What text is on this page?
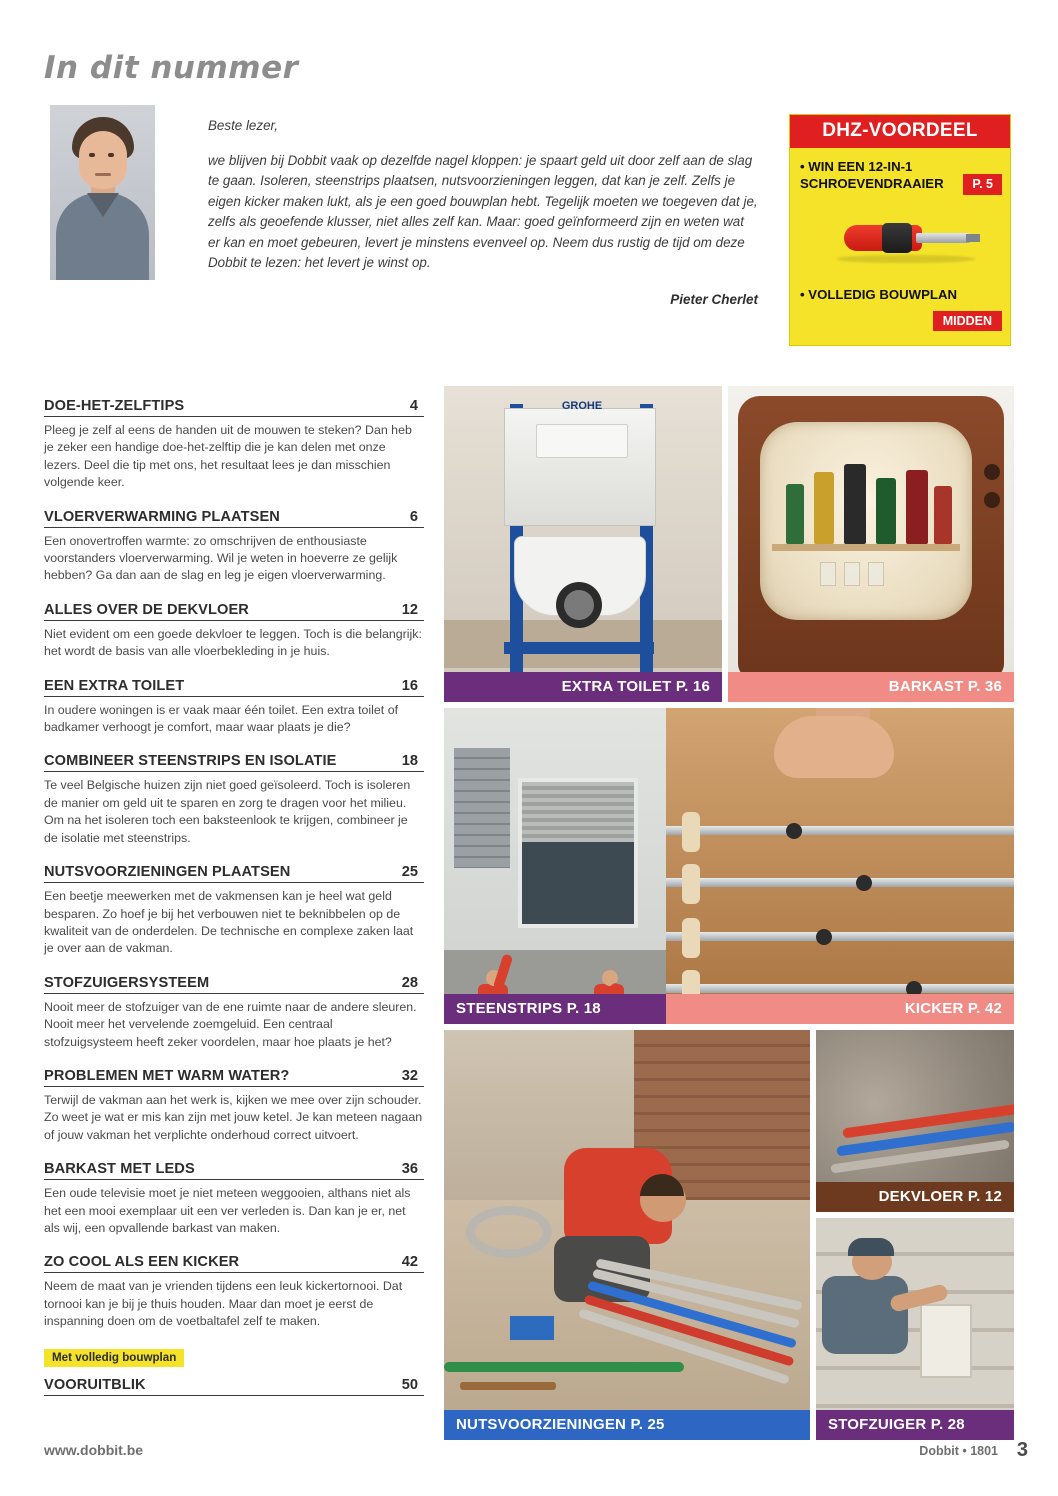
In dit nummer
Beste lezer,

we blijven bij Dobbit vaak op dezelfde nagel kloppen: je spaart geld uit door zelf aan de slag te gaan. Isoleren, steenstrips plaatsen, nutsvoorzieningen leggen, dat kan je zelf. Zelfs je eigen kicker maken lukt, als je een goed bouwplan hebt. Tegelijk moeten we toegeven dat je, zelfs als geoefende klusser, niet alles zelf kan. Maar: goed geïnformeerd zijn en weten wat er kan en moet gebeuren, levert je minstens evenveel op. Neem dus rustig de tijd om deze Dobbit te lezen: het levert je winst op.

Pieter Cherlet
DHZ-VOORDEEL
• WIN EEN 12-IN-1 SCHROEVENDRAAIER	P. 5
• VOLLEDIG BOUWPLAN
MIDDEN
DOE-HET-ZELFTIPS	4
Pleeg je zelf al eens de handen uit de mouwen te steken? Dan heb je zeker een handige doe-het-zelftip die je kan delen met onze lezers. Deel die tip met ons, het resultaat lees je dan misschien volgende keer.
VLOERVERWARMING PLAATSEN	6
Een onovertroffen warmte: zo omschrijven de enthousiaste voorstanders vloerverwarming. Wil je weten in hoeverre ze gelijk hebben? Ga dan aan de slag en leg je eigen vloerverwarming.
ALLES OVER DE DEKVLOER	12
Niet evident om een goede dekvloer te leggen. Toch is die belangrijk: het wordt de basis van alle vloerbekleding in je huis.
EEN EXTRA TOILET	16
In oudere woningen is er vaak maar één toilet. Een extra toilet of badkamer verhoogt je comfort, maar waar plaats je die?
COMBINEER STEENSTRIPS EN ISOLATIE	18
Te veel Belgische huizen zijn niet goed geïsoleerd. Toch is isoleren de manier om geld uit te sparen en zorg te dragen voor het milieu. Om na het isoleren toch een baksteenlook te krijgen, combineer je de isolatie met steenstrips.
NUTSVOORZIENINGEN PLAATSEN	25
Een beetje meewerken met de vakmensen kan je heel wat geld besparen. Zo hoef je bij het verbouwen niet te beknibbelen op de kwaliteit van de onderdelen. De technische en complexe zaken laat je over aan de vakman.
STOFZUIGERSYSTEEM	28
Nooit meer de stofzuiger van de ene ruimte naar de andere sleuren. Nooit meer het vervelende zoemgeluid. Een centraal stofzuigsysteem heeft zeker voordelen, maar hoe plaats je het?
PROBLEMEN MET WARM WATER?	32
Terwijl de vakman aan het werk is, kijken we mee over zijn schouder. Zo weet je wat er mis kan zijn met jouw ketel. Je kan meteen nagaan of jouw vakman het verplichte onderhoud correct uitvoert.
BARKAST MET LEDS	36
Een oude televisie moet je niet meteen weggooien, althans niet als het een mooi exemplaar uit een ver verleden is. Dan kan je er, net als wij, een opvallende barkast van maken.
ZO COOL ALS EEN KICKER	42
Neem de maat van je vrienden tijdens een leuk kickertornooi. Dat tornooi kan je bij je thuis houden. Maar dan moet je eerst de inspanning doen om de voetbaltafel zelf te maken.
Met volledig bouwplan
VOORUITBLIK	50
GROHE
EXTRA TOILET P. 16	BARKAST P. 36
STEENSTRIPS P. 18	KICKER P. 42
NUTSVOORZIENINGEN P. 25
DEKVLOER P. 12
STOFZUIGER P. 28
www.dobbit.be	Dobbit • 1801 3
